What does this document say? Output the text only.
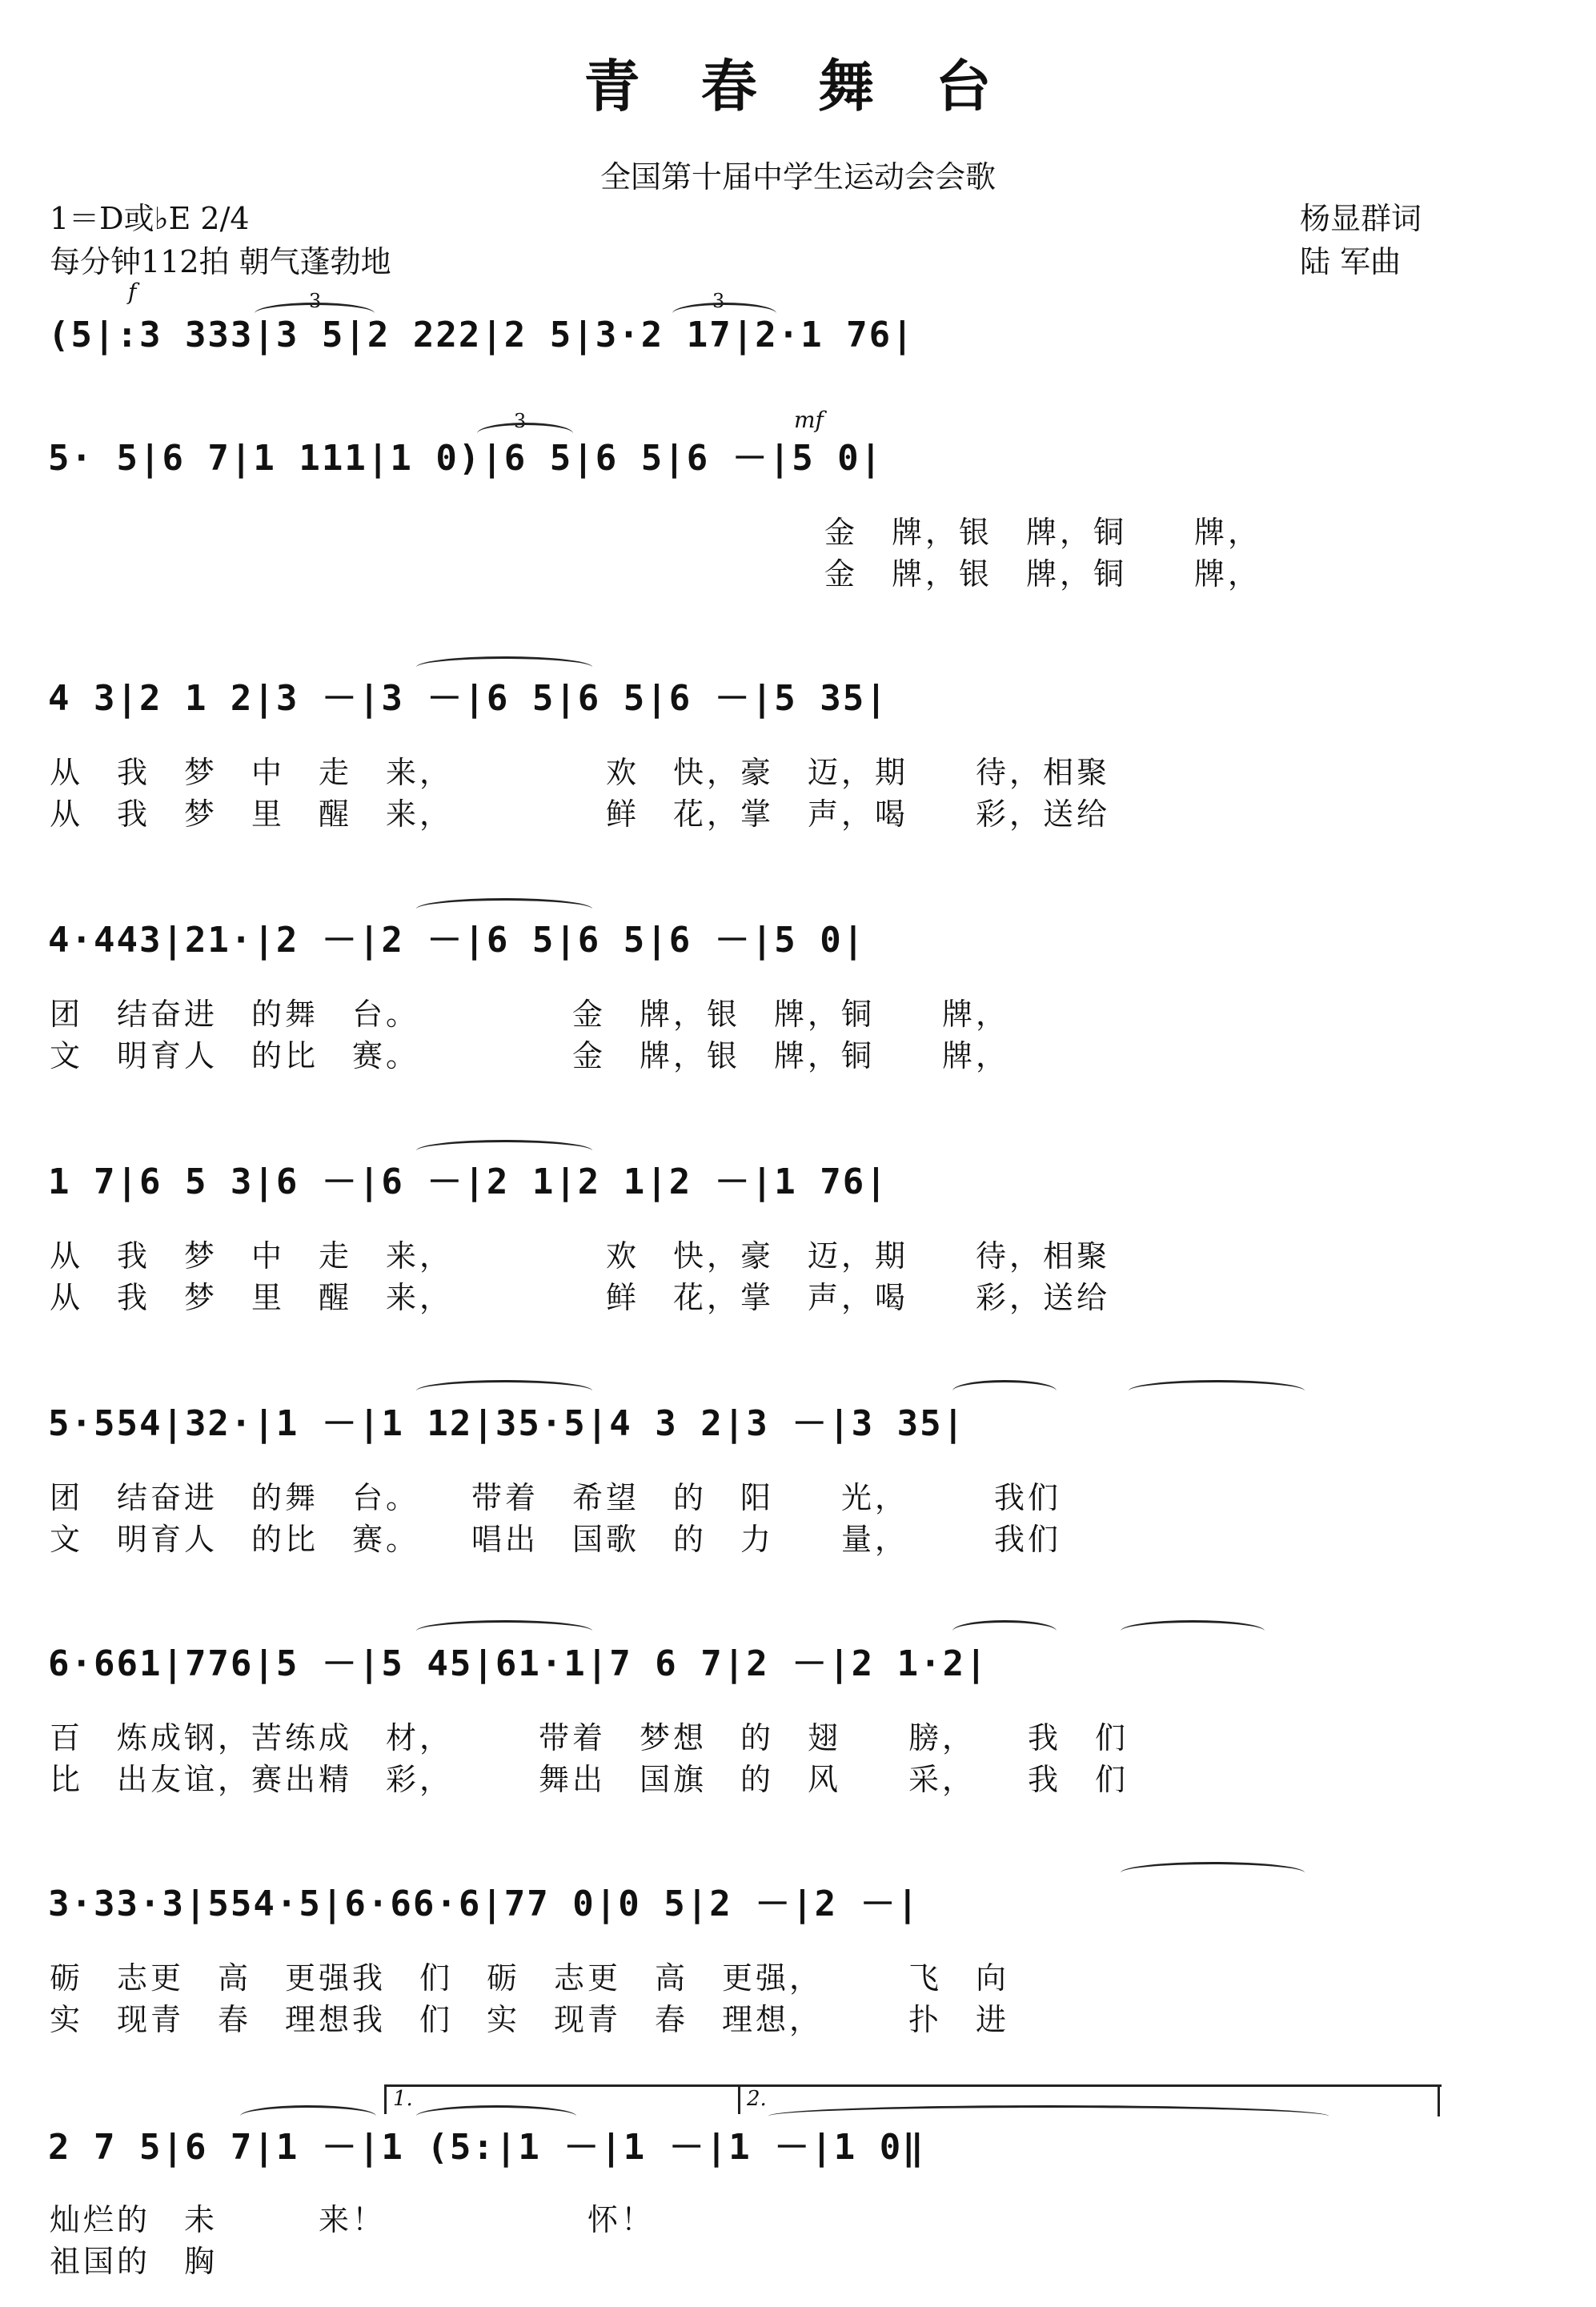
青 春 舞 台
全国第十届中学生运动会会歌
1＝D或♭E 2/4
每分钟112拍 朝气蓬勃地
杨显群词
陆 军曲
f
mf
3	3
(5|:3 333|3 5|2 222|2 5|3·2 17|2·1 76|
3
5· 5|6 7|1 111|1 0)|6 5|6 5|6 －|5 0|
金　牌，银　牌，铜　　牌，
金　牌，银　牌，铜　　牌，
4 3|2 1 2|3 －|3 －|6 5|6 5|6 －|5 35|
从　我　梦　中　走　来，　　　　　欢　快，豪　迈，期　　待，相聚
从　我　梦　里　醒　来，　　　　　鲜　花，掌　声，喝　　彩，送给
4·443|21·|2 －|2 －|6 5|6 5|6 －|5 0|
团　结奋进　的舞　台。　　　　　金　牌，银　牌，铜　　牌，
文　明育人　的比　赛。　　　　　金　牌，银　牌，铜　　牌，
1 7|6 5 3|6 －|6 －|2 1|2 1|2 －|1 76|
从　我　梦　中　走　来，　　　　　欢　快，豪　迈，期　　待，相聚
从　我　梦　里　醒　来，　　　　　鲜　花，掌　声，喝　　彩，送给
5·554|32·|1 －|1 12|35·5|4 3 2|3 －|3 35|
团　结奋进　的舞　台。　　带着　希望　的　阳　　光，　　　我们
文　明育人　的比　赛。　　唱出　国歌　的　力　　量，　　　我们
6·661|776|5 －|5 45|61·1|7 6 7|2 －|2 1·2|
百　炼成钢，苦练成　材，　　　带着　梦想　的　翅　　膀，　　我　们
比　出友谊，赛出精　彩，　　　舞出　国旗　的　风　　采，　　我　们
3·33·3|554·5|6·66·6|77 0|0 5|2 －|2 －|
砺　志更　高　更强我　们　砺　志更　高　更强，　　　飞　向
实　现青　春　理想我　们　实　现青　春　理想，　　　扑　进
1.	2.
2 7 5|6 7|1 －|1 (5:|1 －|1 －|1 －|1 0‖
灿烂的　未　　　来！　　　　　　怀！
祖国的　胸
